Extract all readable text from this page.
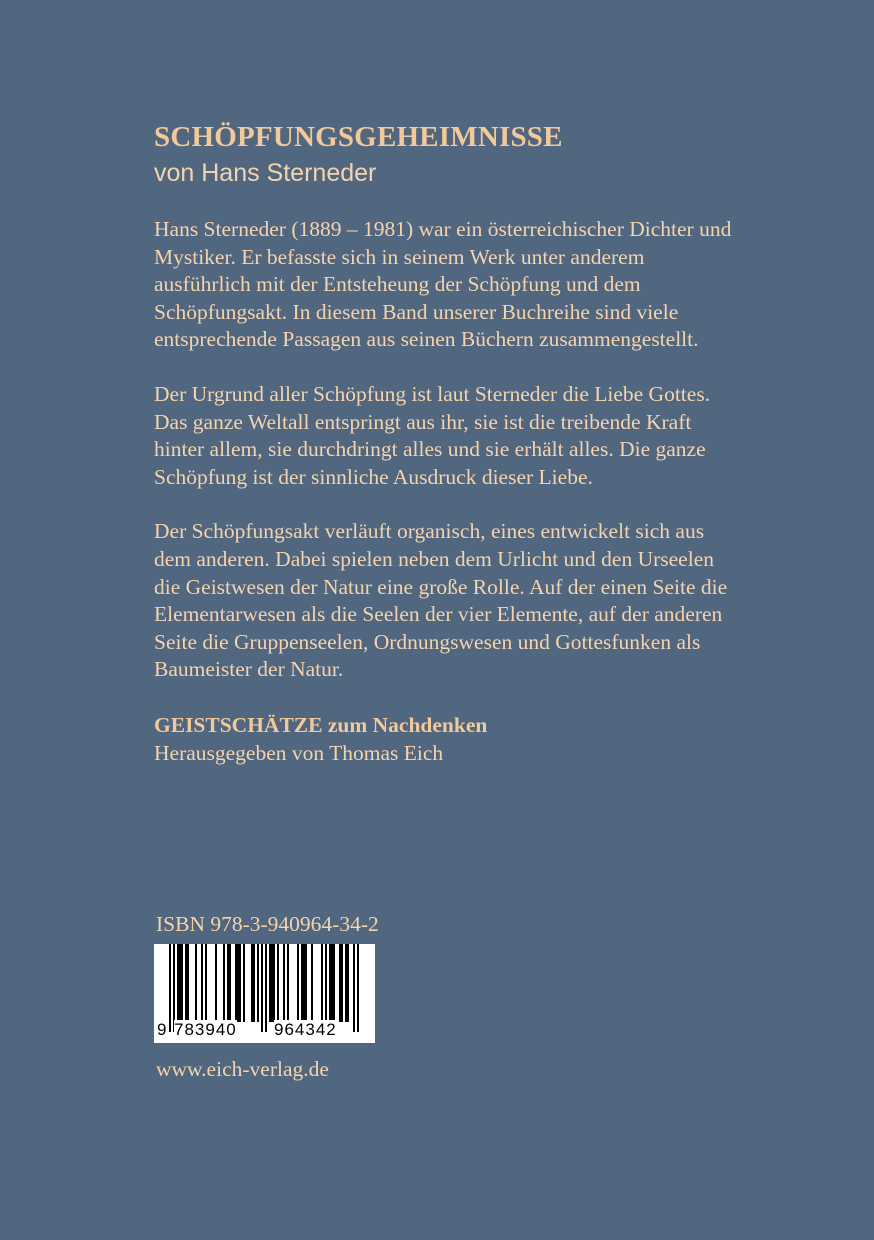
SCHÖPFUNGSGEHEIMNISSE

von Hans Sterneder

Hans Sterneder (1889 – 1981) war ein österreichischer Dichter und Mystiker. Er befasste sich in seinem Werk unter anderem ausführlich mit der Entsteheung der Schöpfung und dem Schöpfungsakt. In diesem Band unserer Buchreihe sind viele entsprechende Passagen aus seinen Büchern zusammengestellt.

Der Urgrund aller Schöpfung ist laut Sterneder die Liebe Gottes. Das ganze Weltall entspringt aus ihr, sie ist die treibende Kraft hinter allem, sie durchdringt alles und sie erhält alles. Die ganze Schöpfung ist der sinnliche Ausdruck dieser Liebe.

Der Schöpfungsakt verläuft organisch, eines entwickelt sich aus dem anderen. Dabei spielen neben dem Urlicht und den Urseelen die Geistwesen der Natur eine große Rolle. Auf der einen Seite die Elementarwesen als die Seelen der vier Elemente, auf der anderen Seite die Gruppenseelen, Ordnungswesen und Gottesfunken als Baumeister der Natur.

GEISTSCHÄTZE zum Nachdenken

Herausgegeben von Thomas Eich

ISBN 978-3-940964-34-2
9 783940 964342
www.eich-verlag.de
